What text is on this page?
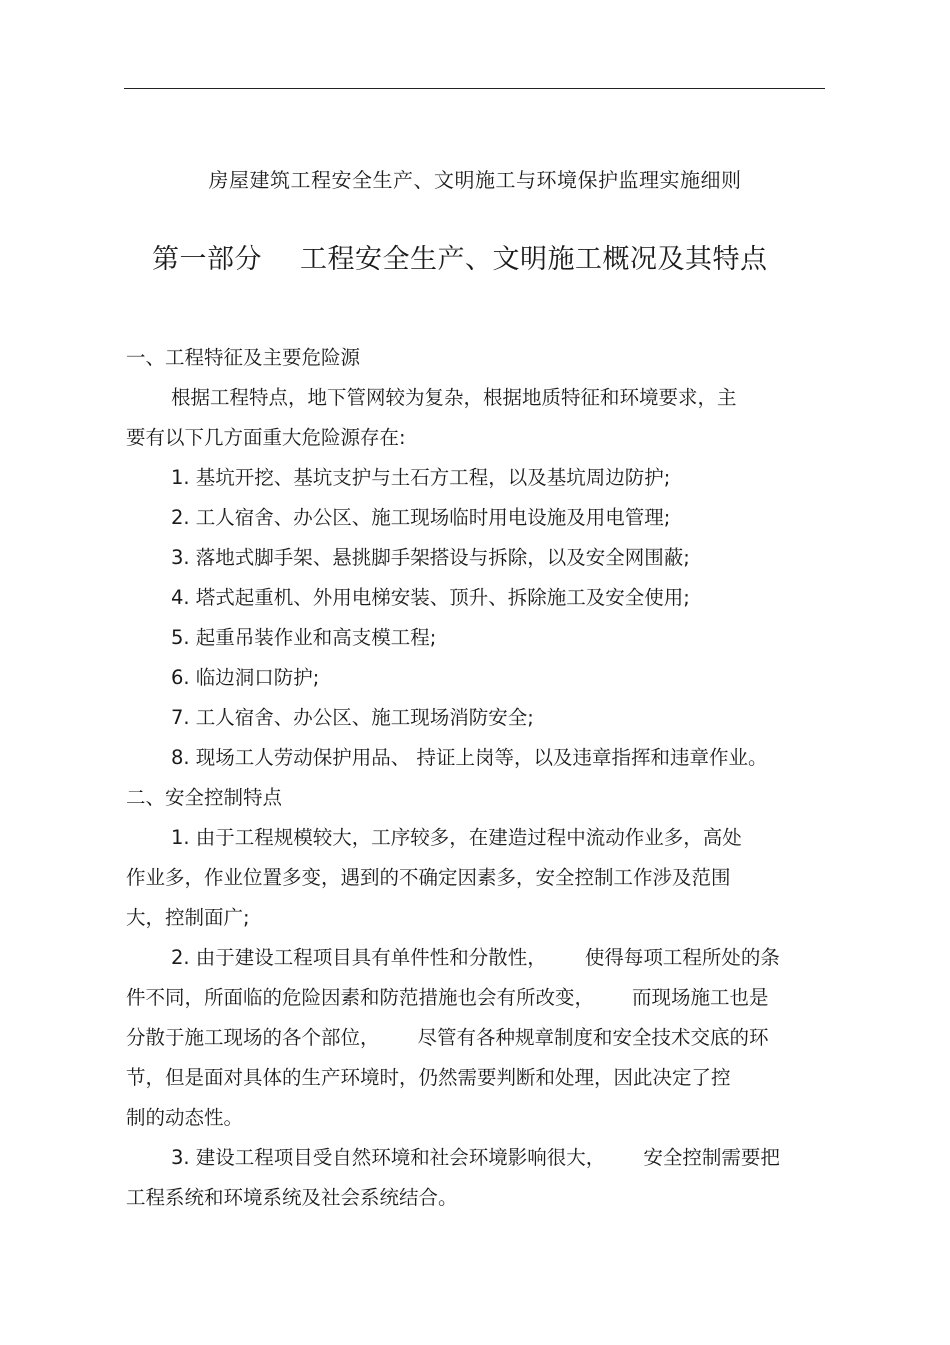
房屋建筑工程安全生产、文明施工与环境保护监理实施细则
第一部分 工程安全生产、文明施工概况及其特点
一、工程特征及主要危险源
根据工程特点，地下管网较为复杂，根据地质特征和环境要求，主
要有以下几方面重大危险源存在:
1. 基坑开挖、基坑支护与土石方工程，以及基坑周边防护;
2. 工人宿舍、办公区、施工现场临时用电设施及用电管理;
3. 落地式脚手架、悬挑脚手架搭设与拆除，以及安全网围蔽;
4. 塔式起重机、外用电梯安装、顶升、拆除施工及安全使用;
5. 起重吊装作业和高支模工程;
6. 临边洞口防护;
7. 工人宿舍、办公区、施工现场消防安全;
8. 现场工人劳动保护用品、 持证上岗等，以及违章指挥和违章作业。
二、安全控制特点
1. 由于工程规模较大，工序较多，在建造过程中流动作业多，高处
作业多，作业位置多变，遇到的不确定因素多，安全控制工作涉及范围
大，控制面广;
2. 由于建设工程项目具有单件性和分散性， 使得每项工程所处的条
件不同，所面临的危险因素和防范措施也会有所改变， 而现场施工也是
分散于施工现场的各个部位， 尽管有各种规章制度和安全技术交底的环
节，但是面对具体的生产环境时，仍然需要判断和处理，因此决定了控
制的动态性。
3. 建设工程项目受自然环境和社会环境影响很大， 安全控制需要把
工程系统和环境系统及社会系统结合。
